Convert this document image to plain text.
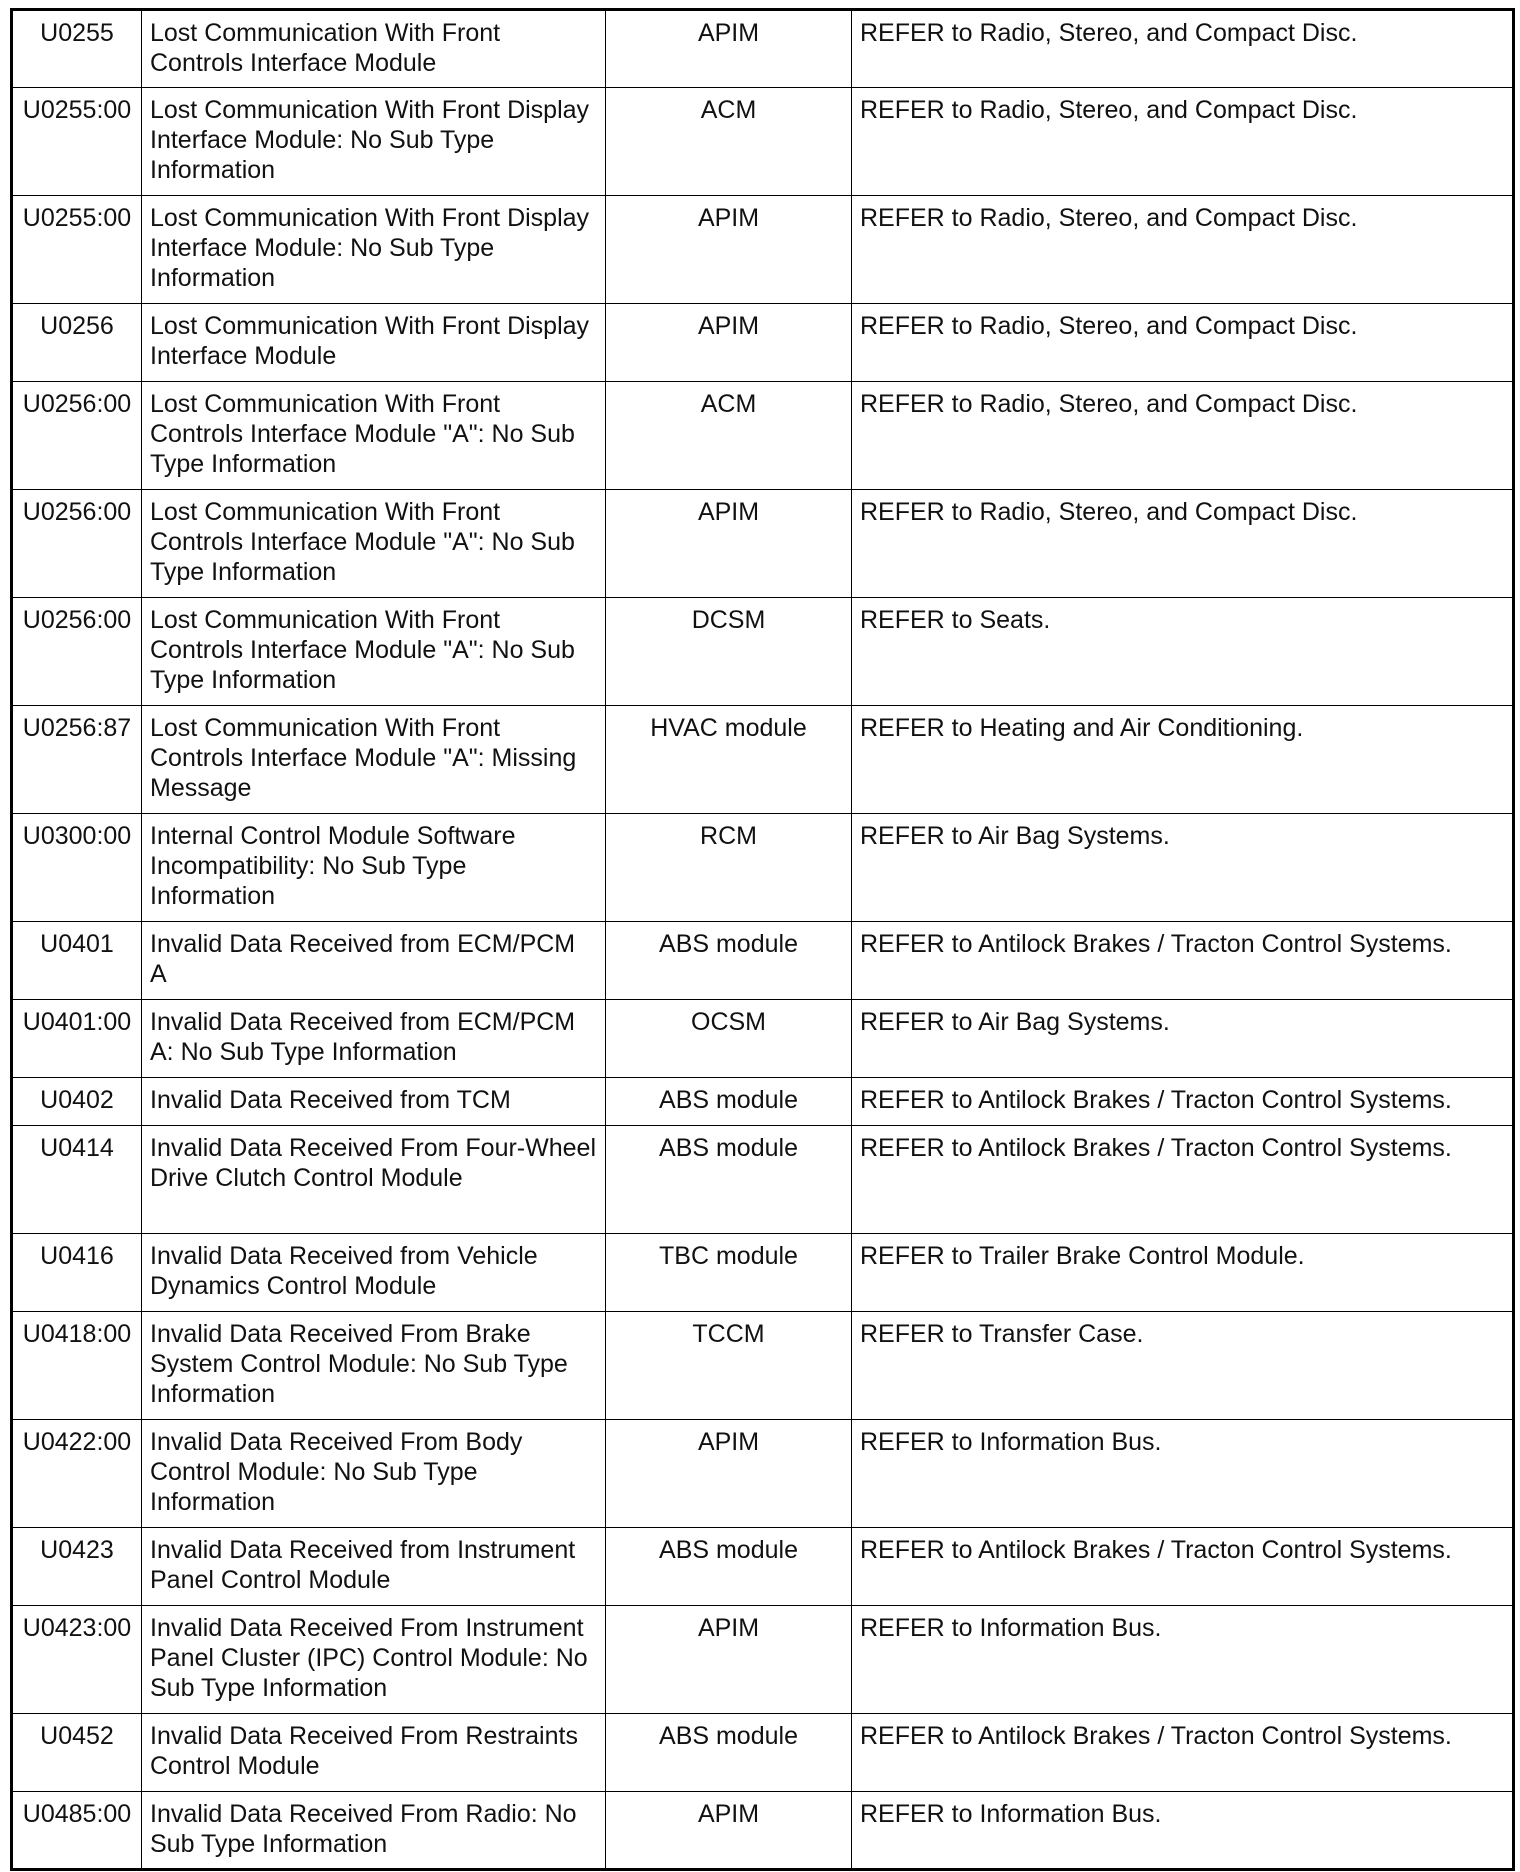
U0255	Lost Communication With Front Controls Interface Module	APIM	REFER to Radio, Stereo, and Compact Disc.
U0255:00	Lost Communication With Front Display Interface Module: No Sub Type Information	ACM	REFER to Radio, Stereo, and Compact Disc.
U0255:00	Lost Communication With Front Display Interface Module: No Sub Type Information	APIM	REFER to Radio, Stereo, and Compact Disc.
U0256	Lost Communication With Front Display Interface Module	APIM	REFER to Radio, Stereo, and Compact Disc.
U0256:00	Lost Communication With Front Controls Interface Module "A": No Sub Type Information	ACM	REFER to Radio, Stereo, and Compact Disc.
U0256:00	Lost Communication With Front Controls Interface Module "A": No Sub Type Information	APIM	REFER to Radio, Stereo, and Compact Disc.
U0256:00	Lost Communication With Front Controls Interface Module "A": No Sub Type Information	DCSM	REFER to Seats.
U0256:87	Lost Communication With Front Controls Interface Module "A": Missing Message	HVAC module	REFER to Heating and Air Conditioning.
U0300:00	Internal Control Module Software Incompatibility: No Sub Type Information	RCM	REFER to Air Bag Systems.
U0401	Invalid Data Received from ECM/PCM A	ABS module	REFER to Antilock Brakes / Tracton Control Systems.
U0401:00	Invalid Data Received from ECM/PCM A: No Sub Type Information	OCSM	REFER to Air Bag Systems.
U0402	Invalid Data Received from TCM	ABS module	REFER to Antilock Brakes / Tracton Control Systems.
U0414	Invalid Data Received From Four-Wheel Drive Clutch Control Module	ABS module	REFER to Antilock Brakes / Tracton Control Systems.
U0416	Invalid Data Received from Vehicle Dynamics Control Module	TBC module	REFER to Trailer Brake Control Module.
U0418:00	Invalid Data Received From Brake System Control Module: No Sub Type Information	TCCM	REFER to Transfer Case.
U0422:00	Invalid Data Received From Body Control Module: No Sub Type Information	APIM	REFER to Information Bus.
U0423	Invalid Data Received from Instrument Panel Control Module	ABS module	REFER to Antilock Brakes / Tracton Control Systems.
U0423:00	Invalid Data Received From Instrument Panel Cluster (IPC) Control Module: No Sub Type Information	APIM	REFER to Information Bus.
U0452	Invalid Data Received From Restraints Control Module	ABS module	REFER to Antilock Brakes / Tracton Control Systems.
U0485:00	Invalid Data Received From Radio: No Sub Type Information	APIM	REFER to Information Bus.
